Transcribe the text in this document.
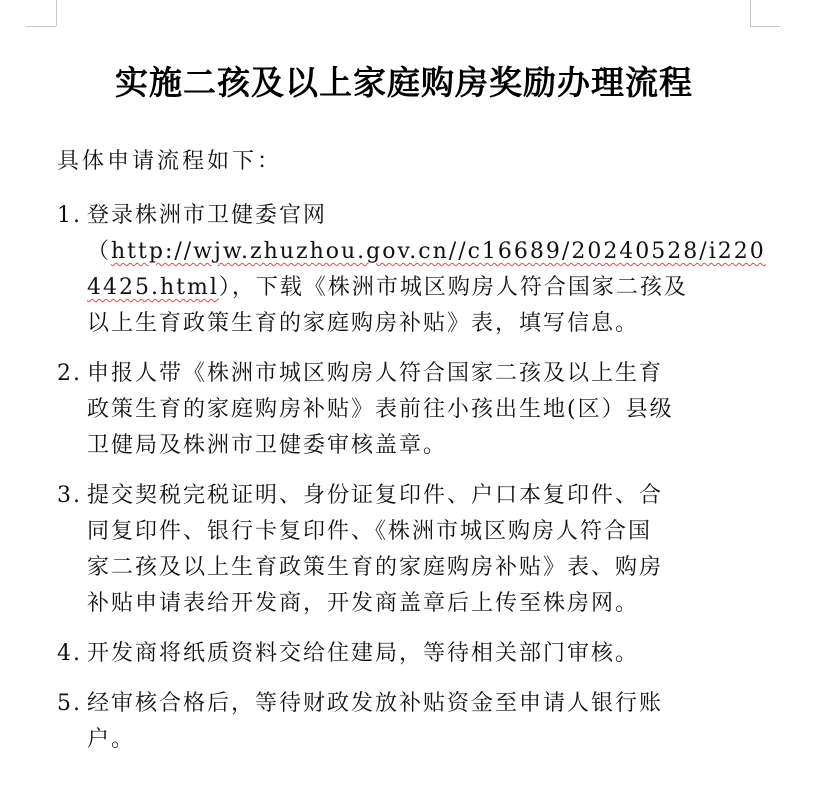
实施二孩及以上家庭购房奖励办理流程

具体申请流程如下：

1. 登录株洲市卫健委官网
（http://wjw.zhuzhou.gov.cn//c16689/20240528/i220
4425.html），下载《株洲市城区购房人符合国家二孩及
以上生育政策生育的家庭购房补贴》表，填写信息。
2. 申报人带《株洲市城区购房人符合国家二孩及以上生育
政策生育的家庭购房补贴》表前往小孩出生地(区）县级
卫健局及株洲市卫健委审核盖章。
3. 提交契税完税证明、身份证复印件、户口本复印件、合
同复印件、银行卡复印件、《株洲市城区购房人符合国
家二孩及以上生育政策生育的家庭购房补贴》表、购房
补贴申请表给开发商，开发商盖章后上传至株房网。
4. 开发商将纸质资料交给住建局，等待相关部门审核。
5. 经审核合格后，等待财政发放补贴资金至申请人银行账
户。
